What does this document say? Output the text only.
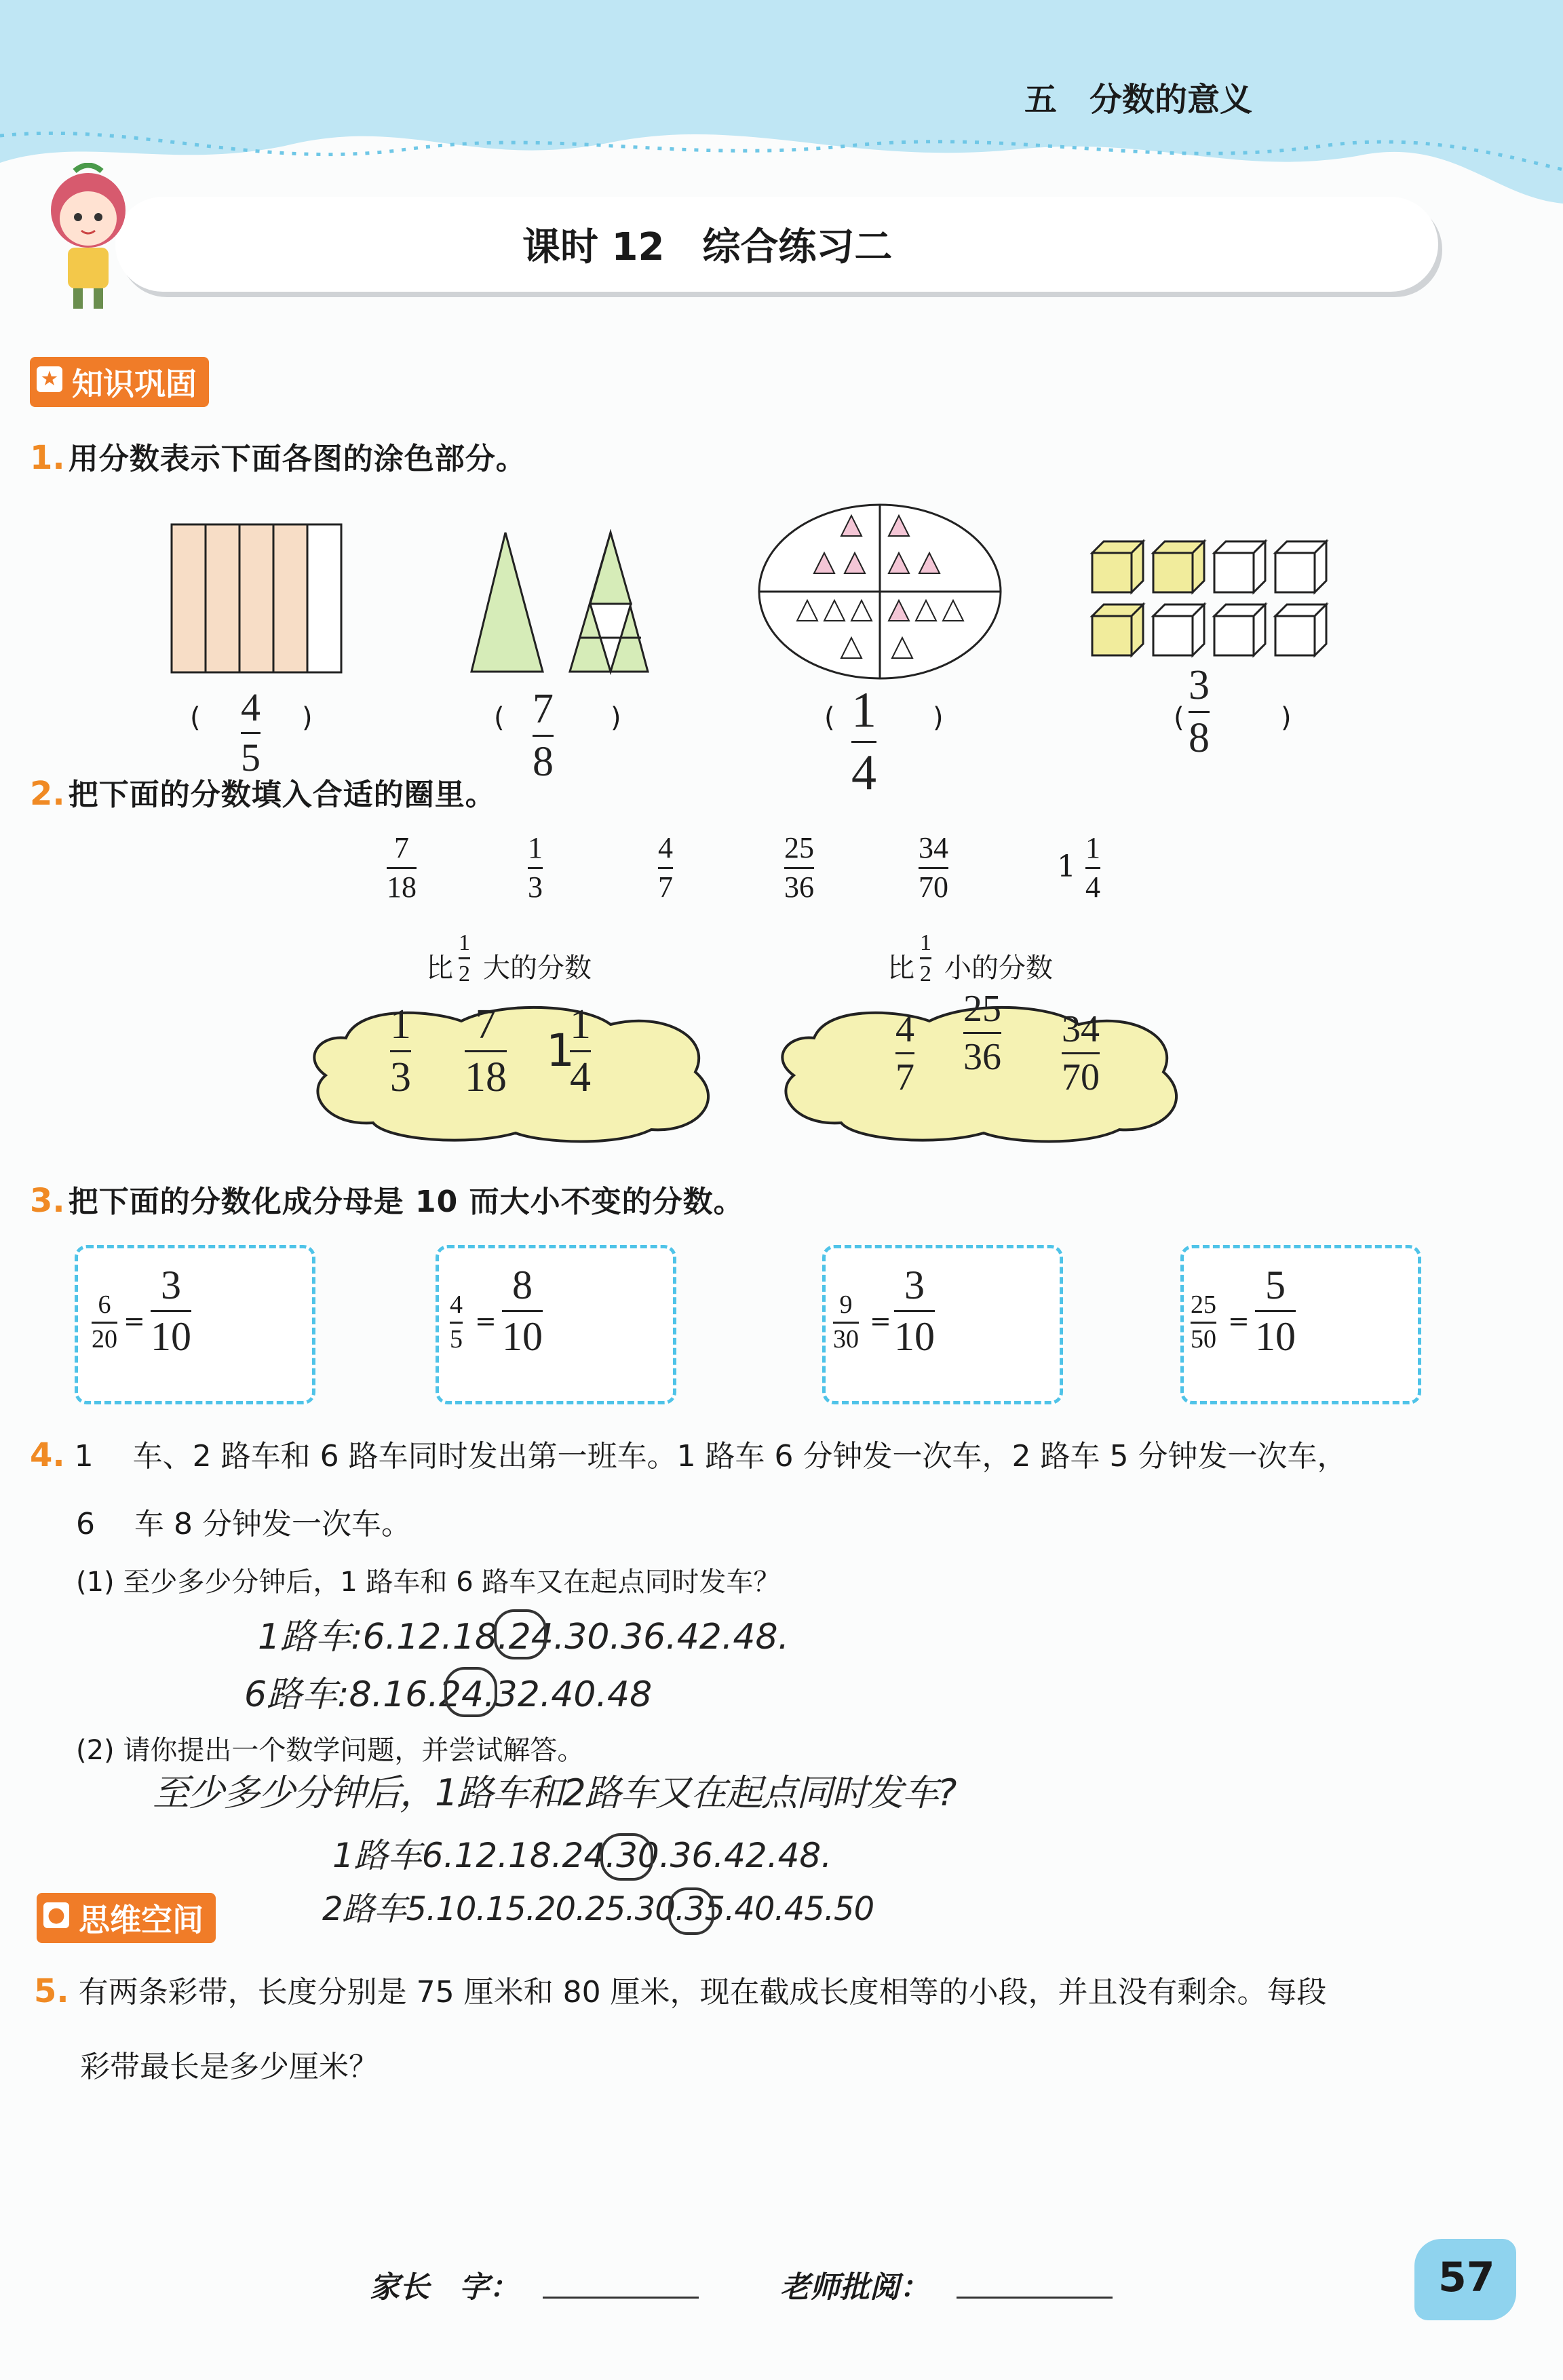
五　分数的意义
课时 12　综合练习二
★ 知识巩固
1. 用分数表示下面各图的涂色部分。
( 4
5
)	( 7
8
)	( 1
4
)	(
3
8	)
2. 把下面的分数填入合适的圈里。
7
18
1
3
4
7
25
36
34
70
1
1
4
比
1
2 大的分数	比
1
2 小的分数
1
3
7
18
1
1
4
4
7
25
36
34
70
3. 把下面的分数化成分母是 10 而大小不变的分数。
6
20
=
3
10
4
5
=
8
10
9
30
=
3
10
25
50
=
5
10
4. 1　 车、2 路车和 6 路车同时发出第一班车。1 路车 6 分钟发一次车，2 路车 5 分钟发一次车，
6　 车 8 分钟发一次车。
(1) 至少多少分钟后，1 路车和 6 路车又在起点同时发车？
1路车:6.12.18.24.30.36.42.48.
6路车:8.16.24.32.40.48
(2) 请你提出一个数学问题，并尝试解答。
至少多少分钟后，1路车和2路车又在起点同时发车?
1路车6.12.18.24.30.36.42.48.
2路车5.10.15.20.25.30.35.40.45.50
● 思维空间
5. 有两条彩带，长度分别是 75 厘米和 80 厘米，现在截成长度相等的小段，并且没有剩余。每段
彩带最长是多少厘米？
家长　字：	老师批阅：	57
